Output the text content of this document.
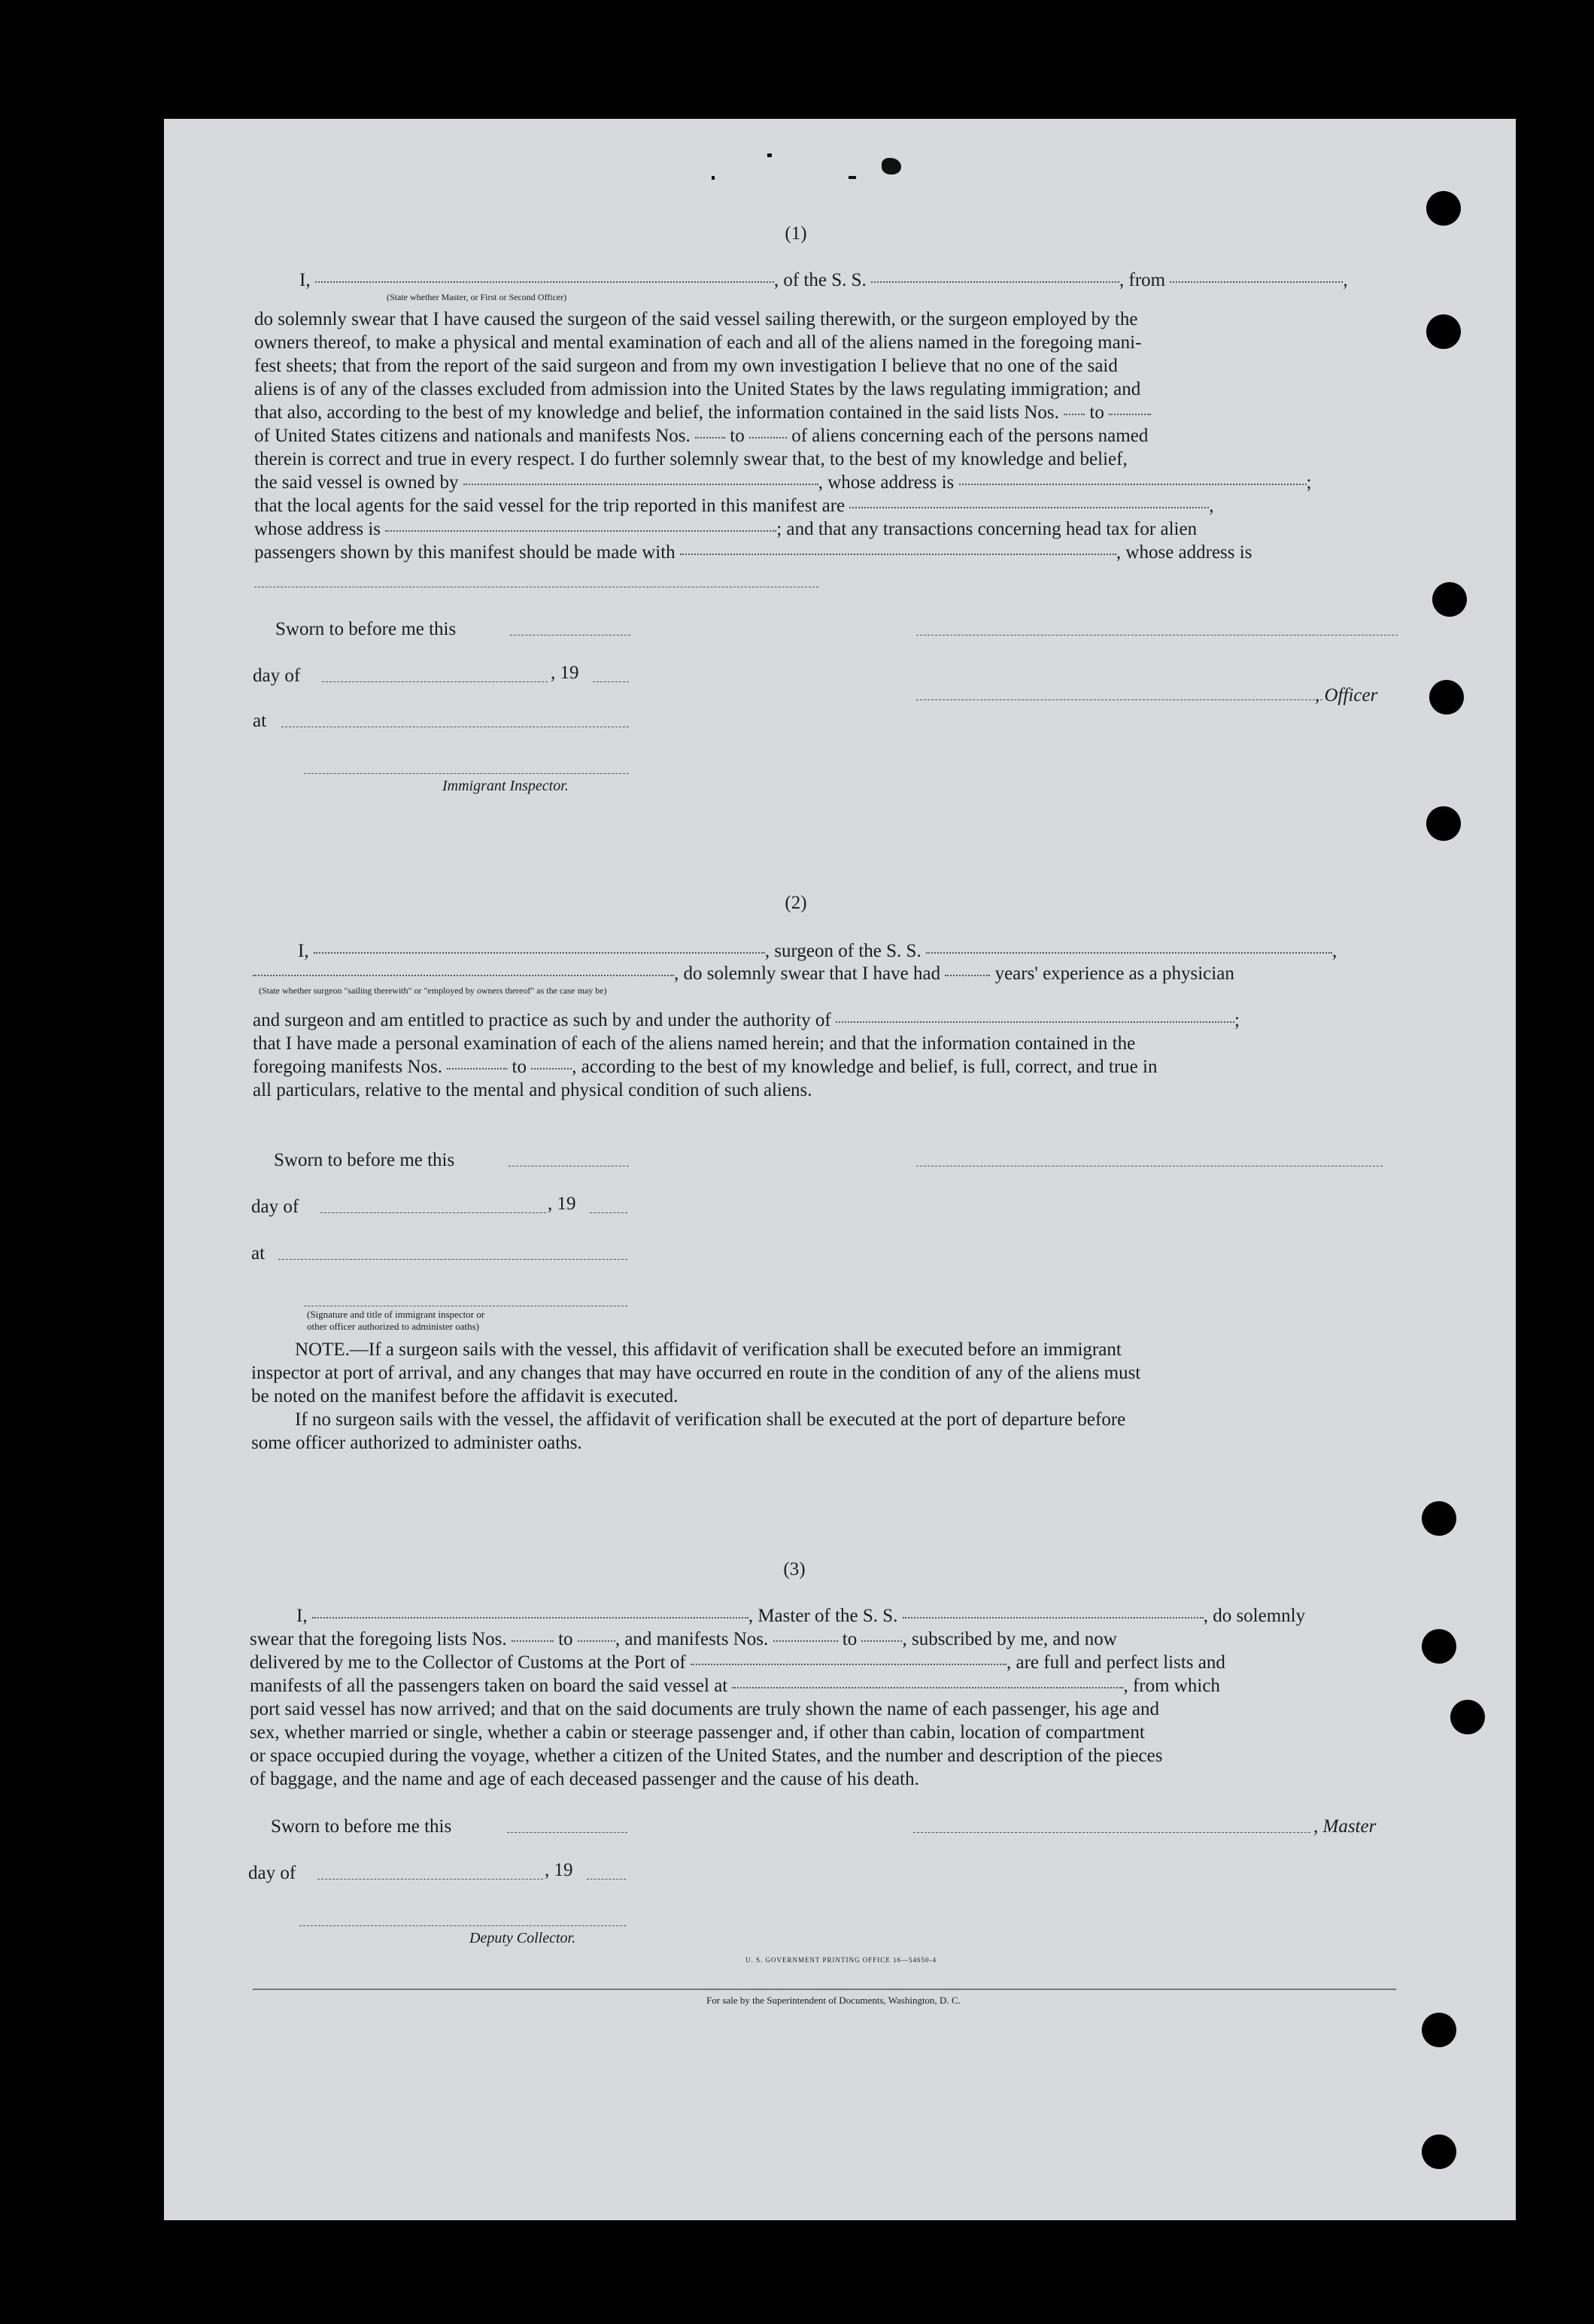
(1)
I,	, of the S. S.	, from	,
(State whether Master, or First or Second Officer)
do solemnly swear that I have caused the surgeon of the said vessel sailing therewith, or the surgeon employed by the
owners thereof, to make a physical and mental examination of each and all of the aliens named in the foregoing mani-
fest sheets; that from the report of the said surgeon and from my own investigation I believe that no one of the said
aliens is of any of the classes excluded from admission into the United States by the laws regulating immigration; and
that also, according to the best of my knowledge and belief, the information contained in the said lists Nos. to
of United States citizens and nationals and manifests Nos. to	of aliens concerning each of the persons named
therein is correct and true in every respect. I do further solemnly swear that, to the best of my knowledge and belief,
the said vessel is owned by	, whose address is	;
that the local agents for the said vessel for the trip reported in this manifest are	,
whose address is	; and that any transactions concerning head tax for alien
passengers shown by this manifest should be made with	, whose address is
Sworn to before me this
day of	, 19
, Officer
at
Immigrant Inspector.
(2)
I,	, surgeon of the S. S.	,
, do solemnly swear that I have had	years' experience as a physician
(State whether surgeon "sailing therewith" or "employed by owners thereof" as the case may be)
and surgeon and am entitled to practice as such by and under the authority of	;
that I have made a personal examination of each of the aliens named herein; and that the information contained in the
foregoing manifests Nos.	to , according to the best of my knowledge and belief, is full, correct, and true in
all particulars, relative to the mental and physical condition of such aliens.
Sworn to before me this
day of	, 19
at
(Signature and title of immigrant inspector or
other officer authorized to administer oaths)
NOTE.—If a surgeon sails with the vessel, this affidavit of verification shall be executed before an immigrant
inspector at port of arrival, and any changes that may have occurred en route in the condition of any of the aliens must
be noted on the manifest before the affidavit is executed.
If no surgeon sails with the vessel, the affidavit of verification shall be executed at the port of departure before
some officer authorized to administer oaths.
(3)
I,	, Master of the S. S.	, do solemnly
swear that the foregoing lists Nos.	to , and manifests Nos.	to , subscribed by me, and now
delivered by me to the Collector of Customs at the Port of	, are full and perfect lists and
manifests of all the passengers taken on board the said vessel at	, from which
port said vessel has now arrived; and that on the said documents are truly shown the name of each passenger, his age and
sex, whether married or single, whether a cabin or steerage passenger and, if other than cabin, location of compartment
or space occupied during the voyage, whether a citizen of the United States, and the number and description of the pieces
of baggage, and the name and age of each deceased passenger and the cause of his death.
Sworn to before me this	, Master
day of	, 19
Deputy Collector.
U. S. GOVERNMENT PRINTING OFFICE 16—54650-4
For sale by the Superintendent of Documents, Washington, D. C.
